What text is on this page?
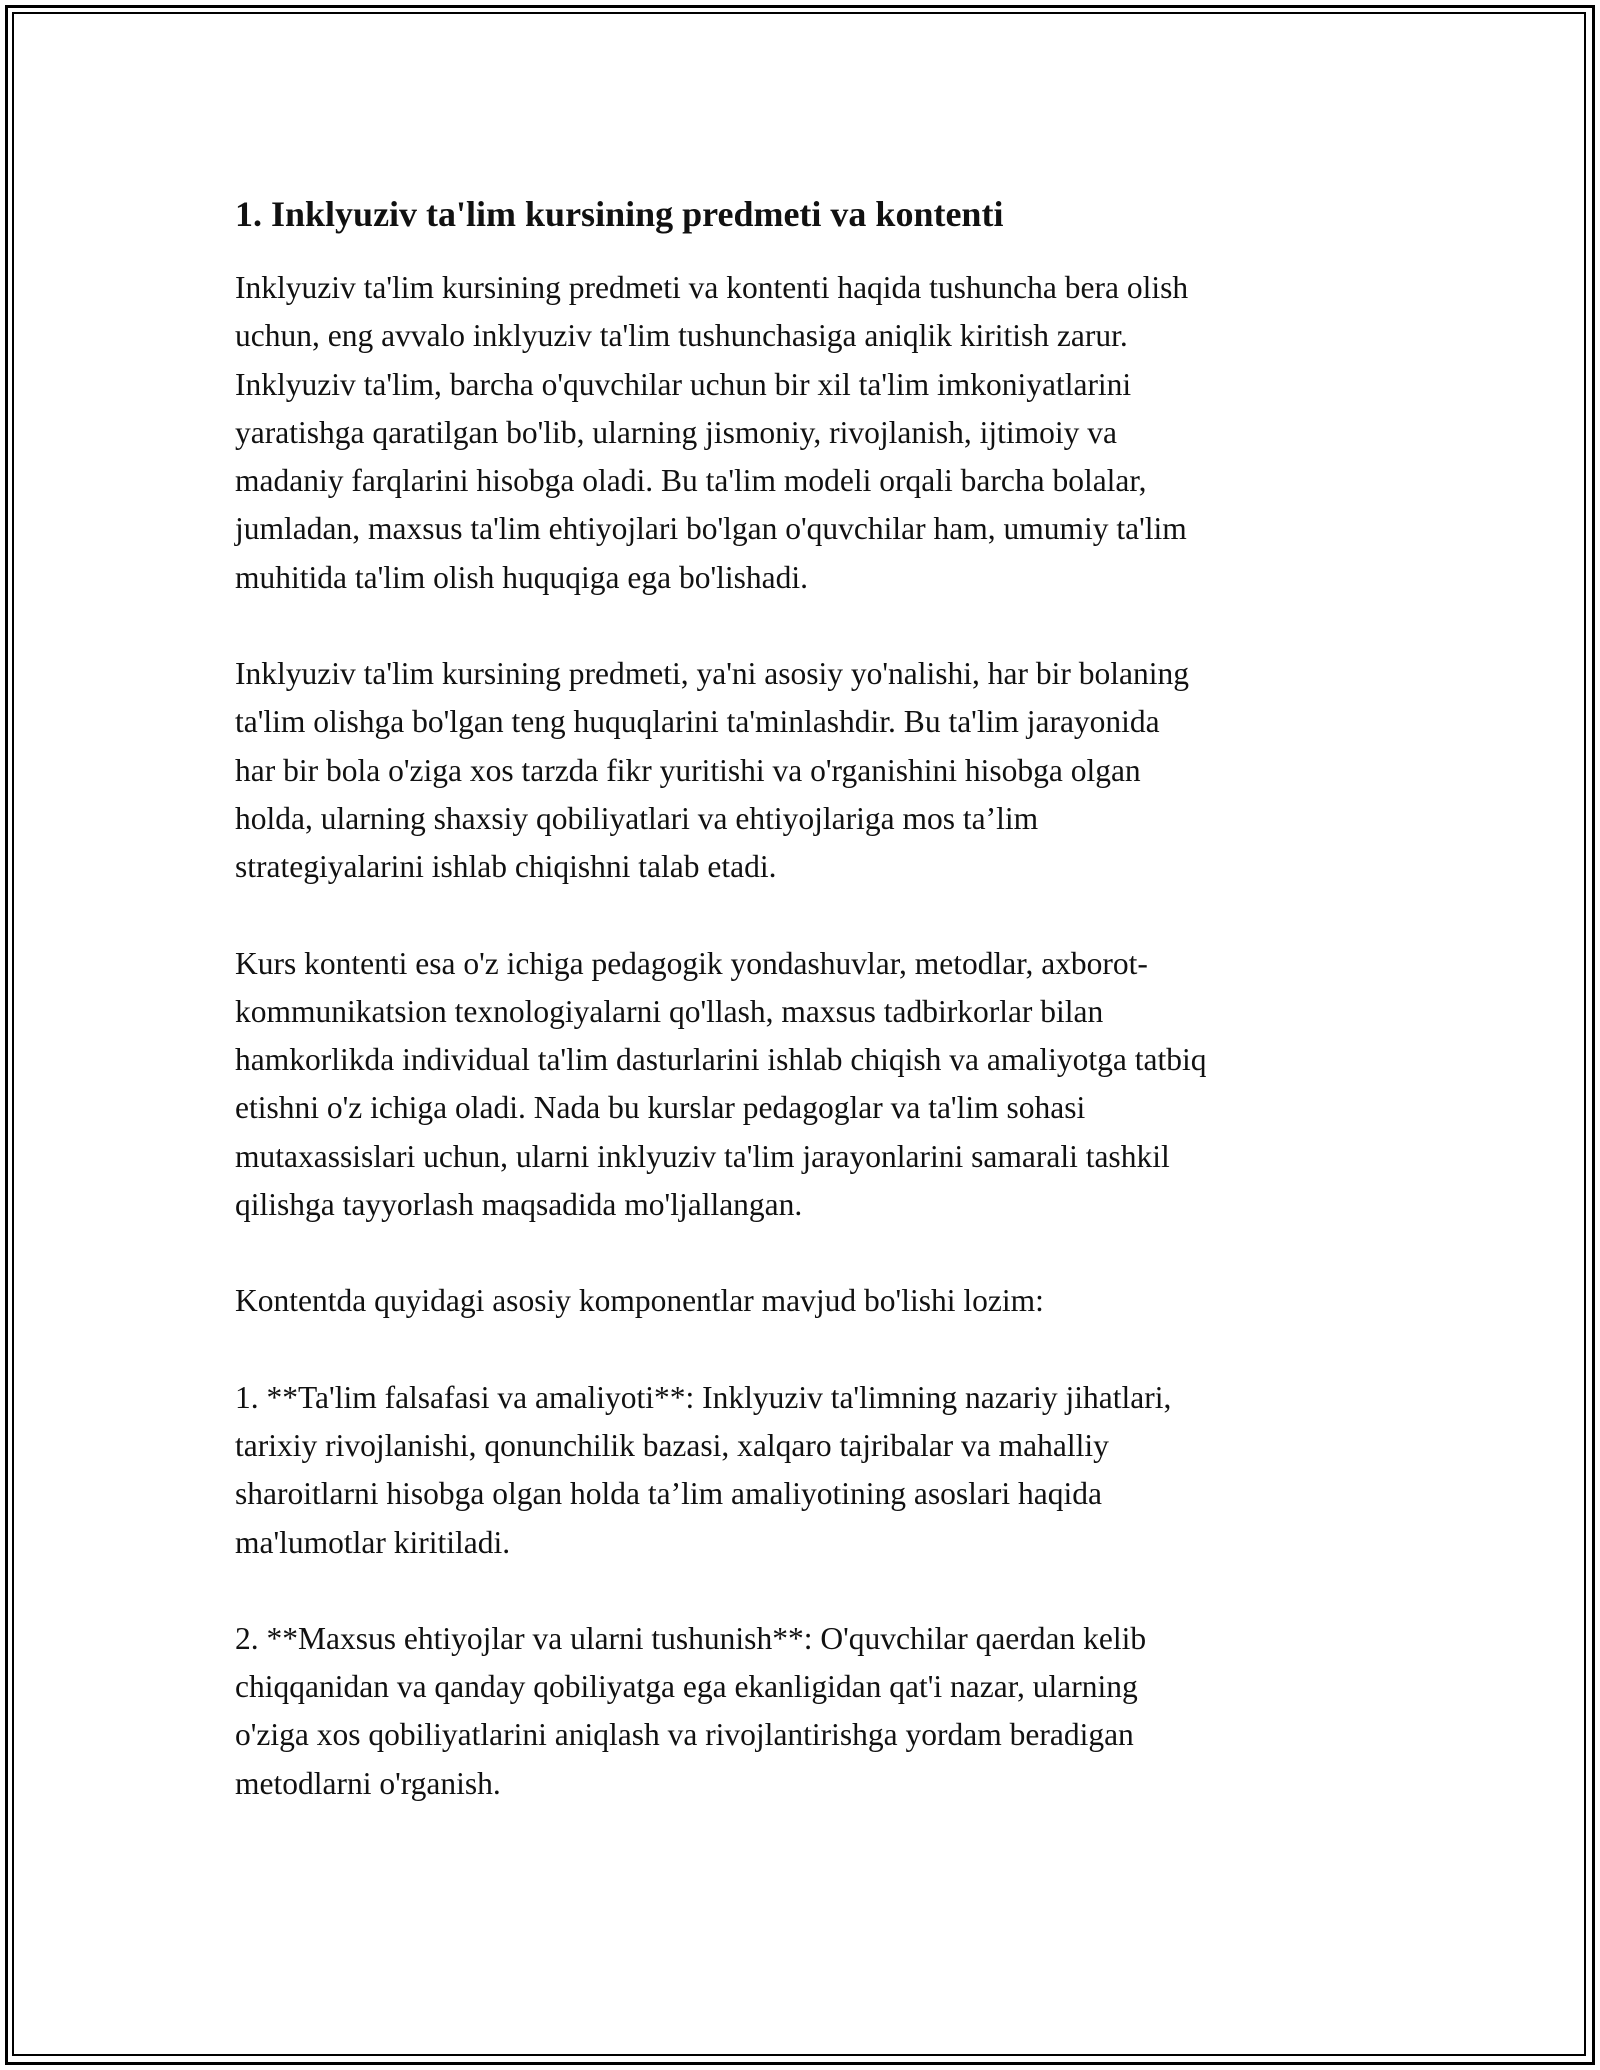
1. Inklyuziv ta'lim kursining predmeti va kontenti

Inklyuziv ta'lim kursining predmeti va kontenti haqida tushuncha bera olish
uchun, eng avvalo inklyuziv ta'lim tushunchasiga aniqlik kiritish zarur.
Inklyuziv ta'lim, barcha o'quvchilar uchun bir xil ta'lim imkoniyatlarini
yaratishga qaratilgan bo'lib, ularning jismoniy, rivojlanish, ijtimoiy va
madaniy farqlarini hisobga oladi. Bu ta'lim modeli orqali barcha bolalar,
jumladan, maxsus ta'lim ehtiyojlari bo'lgan o'quvchilar ham, umumiy ta'lim
muhitida ta'lim olish huquqiga ega bo'lishadi.

Inklyuziv ta'lim kursining predmeti, ya'ni asosiy yo'nalishi, har bir bolaning
ta'lim olishga bo'lgan teng huquqlarini ta'minlashdir. Bu ta'lim jarayonida
har bir bola o'ziga xos tarzda fikr yuritishi va o'rganishini hisobga olgan
holda, ularning shaxsiy qobiliyatlari va ehtiyojlariga mos ta’lim
strategiyalarini ishlab chiqishni talab etadi.

Kurs kontenti esa o'z ichiga pedagogik yondashuvlar, metodlar, axborot-
kommunikatsion texnologiyalarni qo'llash, maxsus tadbirkorlar bilan
hamkorlikda individual ta'lim dasturlarini ishlab chiqish va amaliyotga tatbiq
etishni o'z ichiga oladi. Nada bu kurslar pedagoglar va ta'lim sohasi
mutaxassislari uchun, ularni inklyuziv ta'lim jarayonlarini samarali tashkil
qilishga tayyorlash maqsadida mo'ljallangan.

Kontentda quyidagi asosiy komponentlar mavjud bo'lishi lozim:

1. **Ta'lim falsafasi va amaliyoti**: Inklyuziv ta'limning nazariy jihatlari,
tarixiy rivojlanishi, qonunchilik bazasi, xalqaro tajribalar va mahalliy
sharoitlarni hisobga olgan holda ta’lim amaliyotining asoslari haqida
ma'lumotlar kiritiladi.

2. **Maxsus ehtiyojlar va ularni tushunish**: O'quvchilar qaerdan kelib
chiqqanidan va qanday qobiliyatga ega ekanligidan qat'i nazar, ularning
o'ziga xos qobiliyatlarini aniqlash va rivojlantirishga yordam beradigan
metodlarni o'rganish.
